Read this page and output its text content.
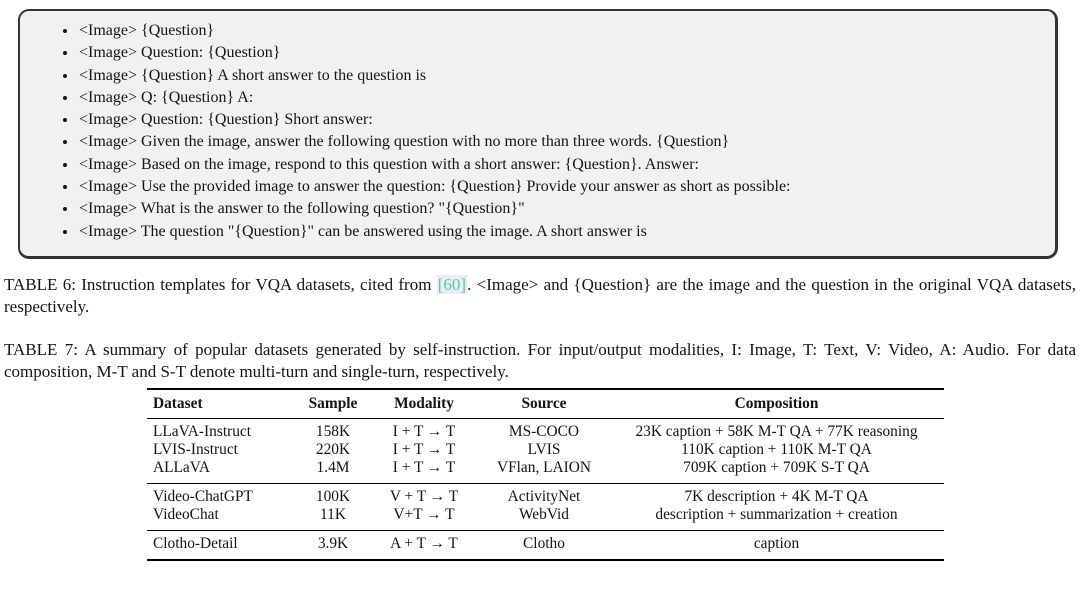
• <Image> {Question}
• <Image> Question: {Question}
• <Image> {Question} A short answer to the question is
• <Image> Q: {Question} A:
• <Image> Question: {Question} Short answer:
• <Image> Given the image, answer the following question with no more than three words. {Question}
• <Image> Based on the image, respond to this question with a short answer: {Question}. Answer:
• <Image> Use the provided image to answer the question: {Question} Provide your answer as short as possible:
• <Image> What is the answer to the following question? "{Question}"
• <Image> The question "{Question}" can be answered using the image. A short answer is

TABLE 6: Instruction templates for VQA datasets, cited from [60]. <Image> and {Question} are the image and the question in the original VQA datasets, respectively.

TABLE 7: A summary of popular datasets generated by self-instruction. For input/output modalities, I: Image, T: Text, V: Video, A: Audio. For data composition, M-T and S-T denote multi-turn and single-turn, respectively.

Dataset	Sample	Modality	Source	Composition
LLaVA-Instruct	158K	I + T → T	MS-COCO	23K caption + 58K M-T QA + 77K reasoning
LVIS-Instruct	220K	I + T → T	LVIS	110K caption + 110K M-T QA
ALLaVA	1.4M	I + T → T	VFlan, LAION	709K caption + 709K S-T QA
Video-ChatGPT	100K	V + T → T	ActivityNet	7K description + 4K M-T QA
VideoChat	11K	V+T → T	WebVid	description + summarization + creation
Clotho-Detail	3.9K	A + T → T	Clotho	caption
